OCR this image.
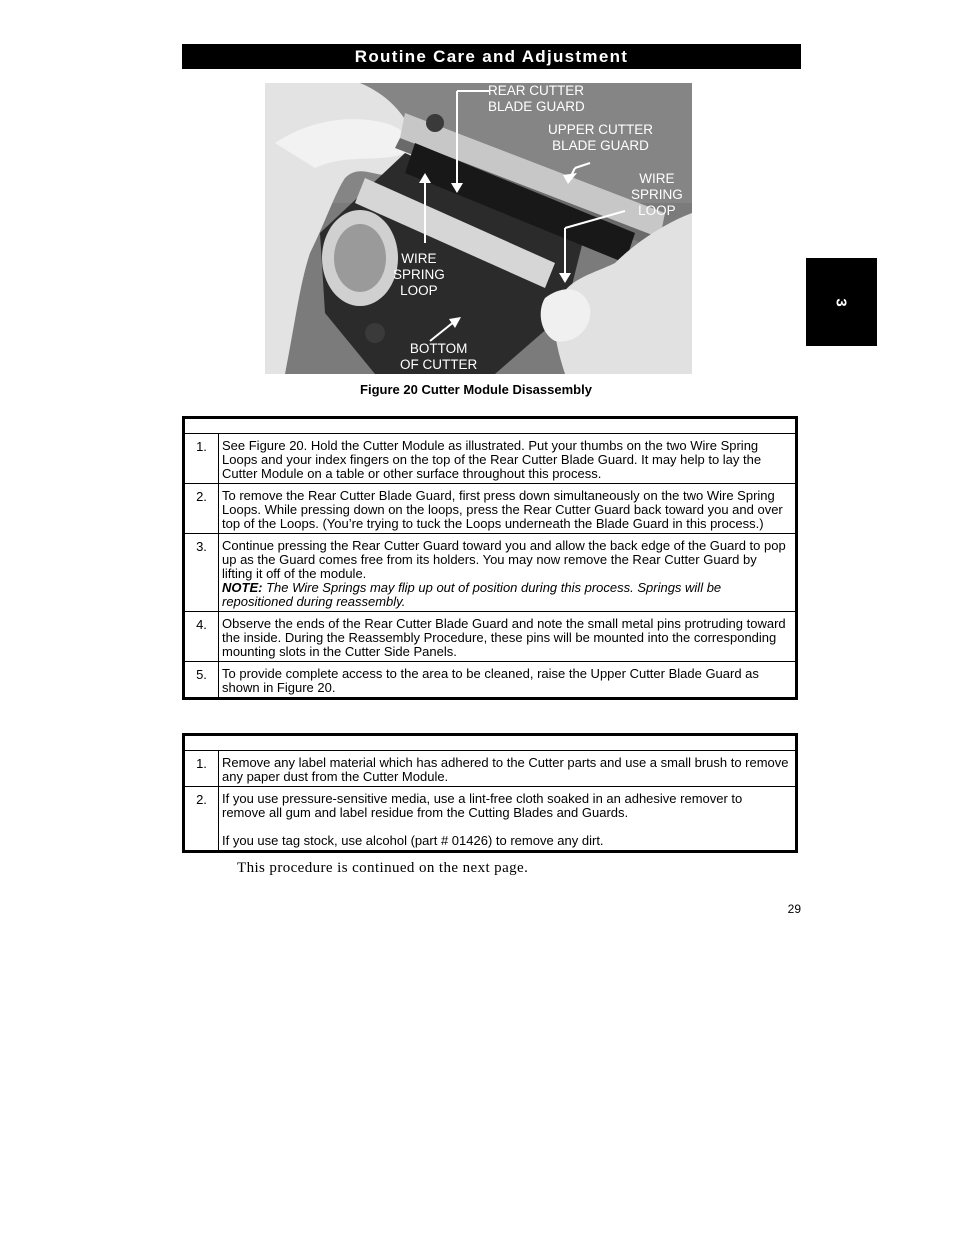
Routine Care and Adjustment
3
REAR CUTTER
BLADE GUARD
UPPER CUTTER
BLADE GUARD
WIRE
SPRING
LOOP
WIRE
SPRING
LOOP
BOTTOM
OF CUTTER
Figure 20 Cutter Module Disassembly

1.	See Figure 20. Hold the Cutter Module as illustrated. Put your thumbs on the two Wire Spring Loops and your index fingers on the top of the Rear Cutter Blade Guard. It may help to lay the Cutter Module on a table or other surface throughout this process.
2.	To remove the Rear Cutter Blade Guard, first press down simultaneously on the two Wire Spring Loops. While pressing down on the loops, press the Rear Cutter Guard back toward you and over top of the Loops. (You’re trying to tuck the Loops underneath the Blade Guard in this process.)
3.	Continue pressing the Rear Cutter Guard toward you and allow the back edge of the Guard to pop up as the Guard comes free from its holders. You may now remove the Rear Cutter Guard by lifting it off of the module.
NOTE: The Wire Springs may flip up out of position during this process. Springs will be repositioned during reassembly.
4.	Observe the ends of the Rear Cutter Blade Guard and note the small metal pins protruding toward the inside. During the Reassembly Procedure, these pins will be mounted into the corresponding mounting slots in the Cutter Side Panels.
5.	To provide complete access to the area to be cleaned, raise the Upper Cutter Blade Guard as shown in Figure 20.

1.	Remove any label material which has adhered to the Cutter parts and use a small brush to remove any paper dust from the Cutter Module.
2.	If you use pressure-sensitive media, use a lint-free cloth soaked in an adhesive remover to remove all gum and label residue from the Cutting Blades and Guards.

If you use tag stock, use alcohol (part # 01426) to remove any dirt.
This procedure is continued on the next page.
29
